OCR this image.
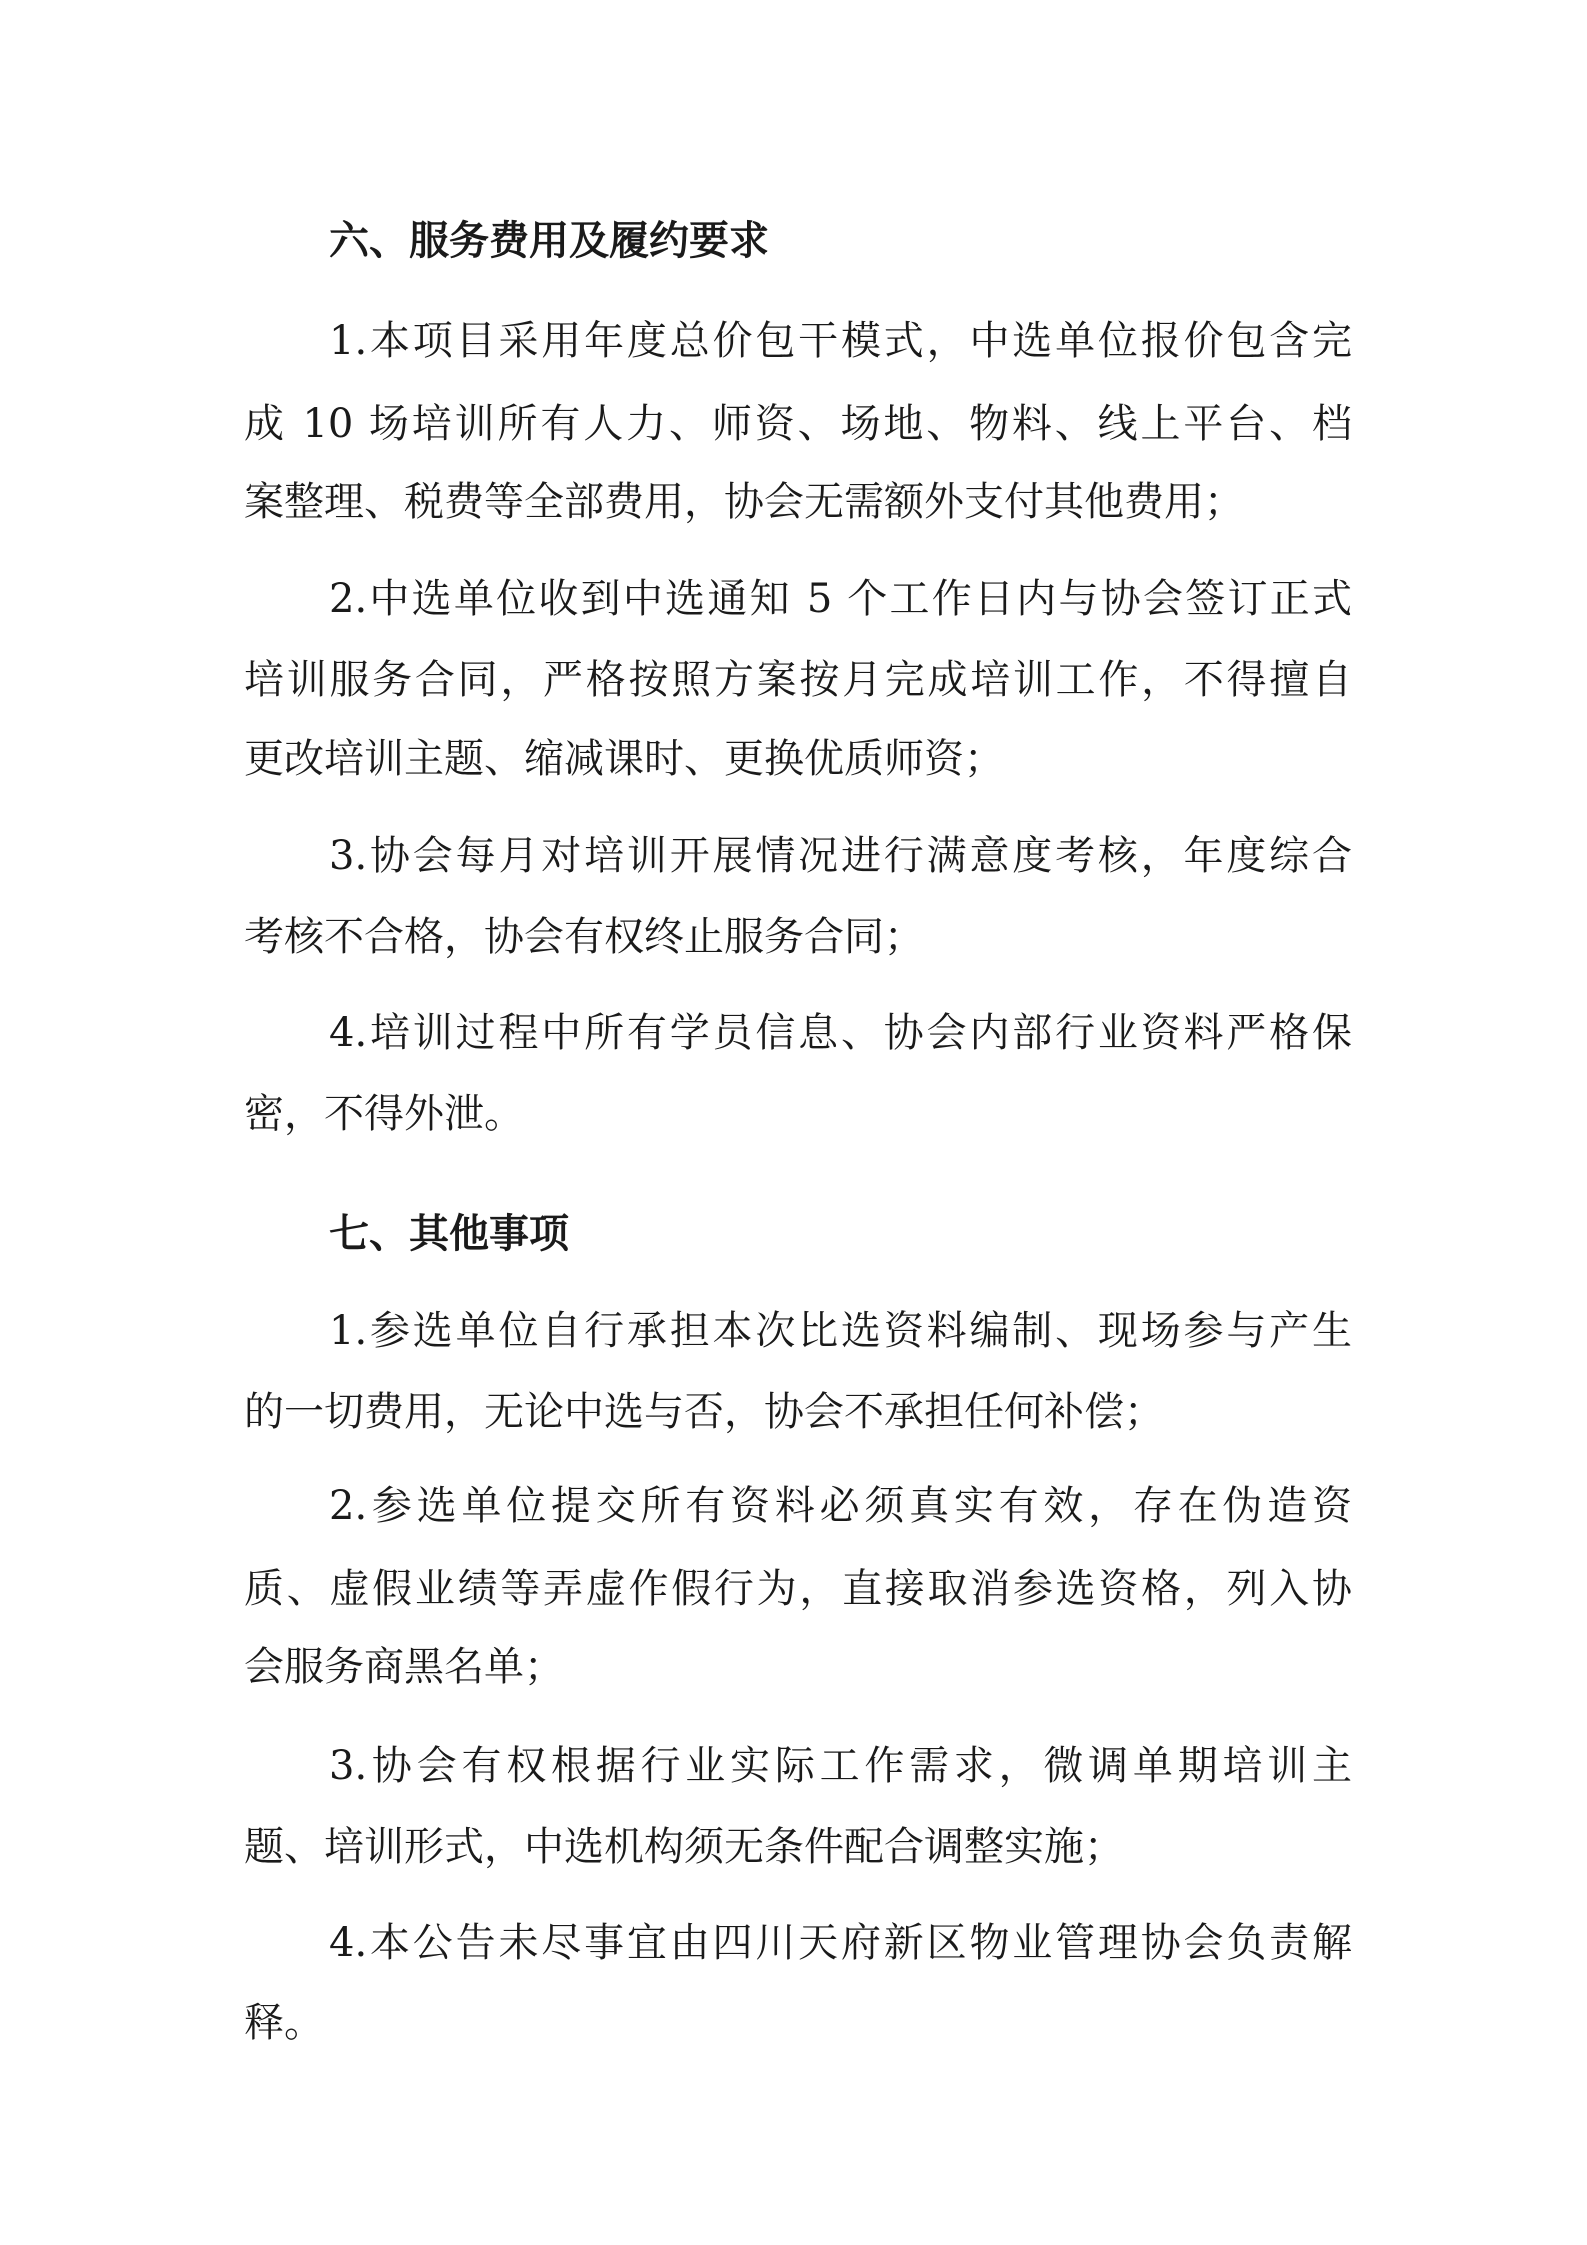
六、服务费用及履约要求
1.本项目采用年度总价包干模式，中选单位报价包含完
成 10 场培训所有人力、师资、场地、物料、线上平台、档
案整理、税费等全部费用，协会无需额外支付其他费用；
2.中选单位收到中选通知 5 个工作日内与协会签订正式
培训服务合同，严格按照方案按月完成培训工作，不得擅自
更改培训主题、缩减课时、更换优质师资；
3.协会每月对培训开展情况进行满意度考核，年度综合
考核不合格，协会有权终止服务合同；
4.培训过程中所有学员信息、协会内部行业资料严格保
密，不得外泄。
七、其他事项
1.参选单位自行承担本次比选资料编制、现场参与产生
的一切费用，无论中选与否，协会不承担任何补偿；
2.参选单位提交所有资料必须真实有效，存在伪造资
质、虚假业绩等弄虚作假行为，直接取消参选资格，列入协
会服务商黑名单；
3.协会有权根据行业实际工作需求，微调单期培训主
题、培训形式，中选机构须无条件配合调整实施；
4.本公告未尽事宜由四川天府新区物业管理协会负责解
释。
